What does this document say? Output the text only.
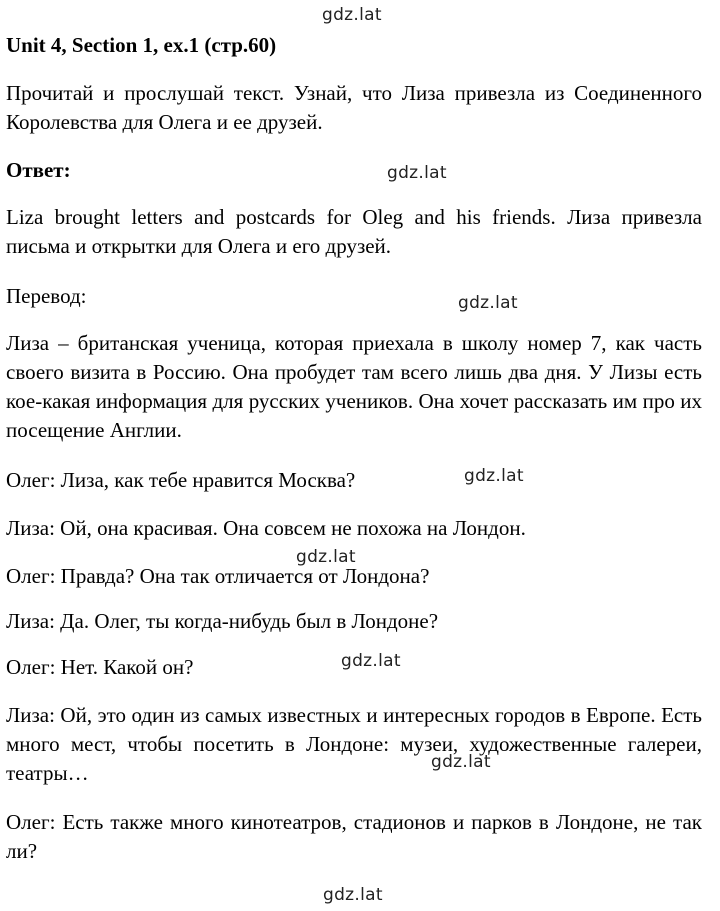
Unit 4, Section 1, ex.1 (стр.60)

Прочитай и прослушай текст. Узнай, что Лиза привезла из Соединенного Королевства для Олега и ее друзей.

Ответ:

Liza brought letters and postcards for Oleg and his friends. Лиза привезла письма и открытки для Олега и его друзей.

Перевод:

Лиза – британская ученица, которая приехала в школу номер 7, как часть своего визита в Россию. Она пробудет там всего лишь два дня. У Лизы есть кое-какая информация для русских учеников. Она хочет рассказать им про их посещение Англии.

Олег: Лиза, как тебе нравится Москва?

Лиза: Ой, она красивая. Она совсем не похожа на Лондон.

Олег: Правда? Она так отличается от Лондона?

Лиза: Да. Олег, ты когда-нибудь был в Лондоне?

Олег: Нет. Какой он?

Лиза: Ой, это один из самых известных и интересных городов в Европе. Есть много мест, чтобы посетить в Лондоне: музеи, художественные галереи, театры…

Олег: Есть также много кинотеатров, стадионов и парков в Лондоне, не так ли?

gdz.lat
gdz.lat
gdz.lat
gdz.lat
gdz.lat
gdz.lat
gdz.lat
gdz.lat
